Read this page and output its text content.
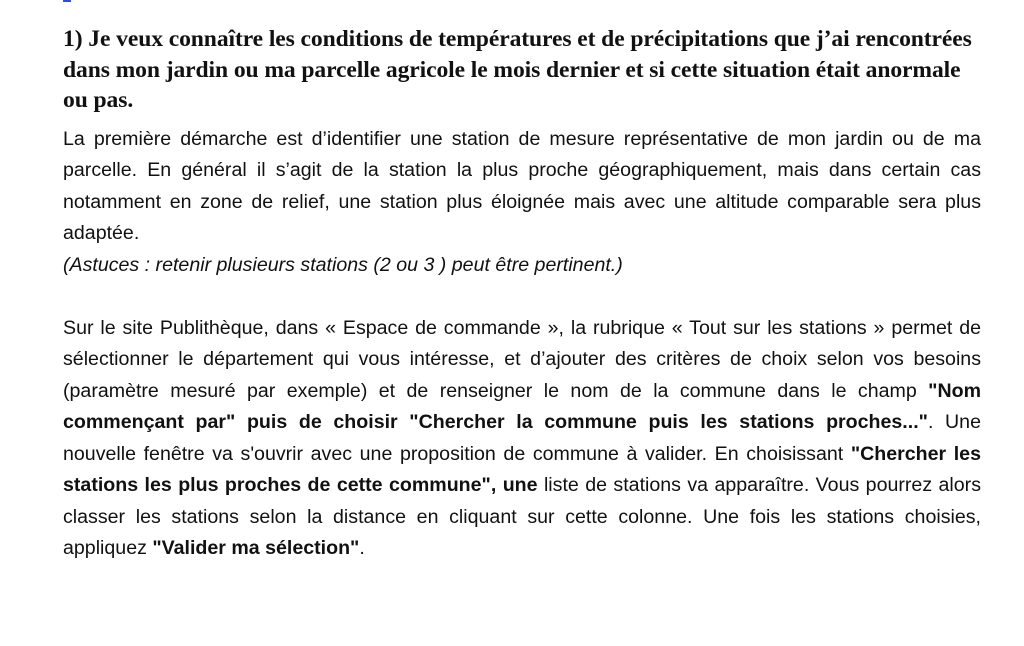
1) Je veux connaître les conditions de températures et de précipitations que j’ai rencontrées dans mon jardin ou ma parcelle agricole le mois dernier et si cette situation était anormale ou pas.

La première démarche est d’identifier une station de mesure représentative de mon jardin ou de ma parcelle. En général il s’agit de la station la plus proche géographiquement, mais dans certain cas notamment en zone de relief, une station plus éloignée mais avec une altitude comparable sera plus adaptée.

(Astuces : retenir plusieurs stations (2 ou 3 ) peut être pertinent.)

Sur le site Publithèque, dans « Espace de commande », la rubrique « Tout sur les stations » permet de sélectionner le département qui vous intéresse, et d’ajouter des critères de choix selon vos besoins (paramètre mesuré par exemple) et de renseigner le nom de la commune dans le champ "Nom commençant par" puis de choisir "Chercher la commune puis les stations proches...". Une nouvelle fenêtre va s'ouvrir avec une proposition de commune à valider. En choisissant "Chercher les stations les plus proches de cette commune", une liste de stations va apparaître. Vous pourrez alors classer les stations selon la distance en cliquant sur cette colonne. Une fois les stations choisies, appliquez "Valider ma sélection".
